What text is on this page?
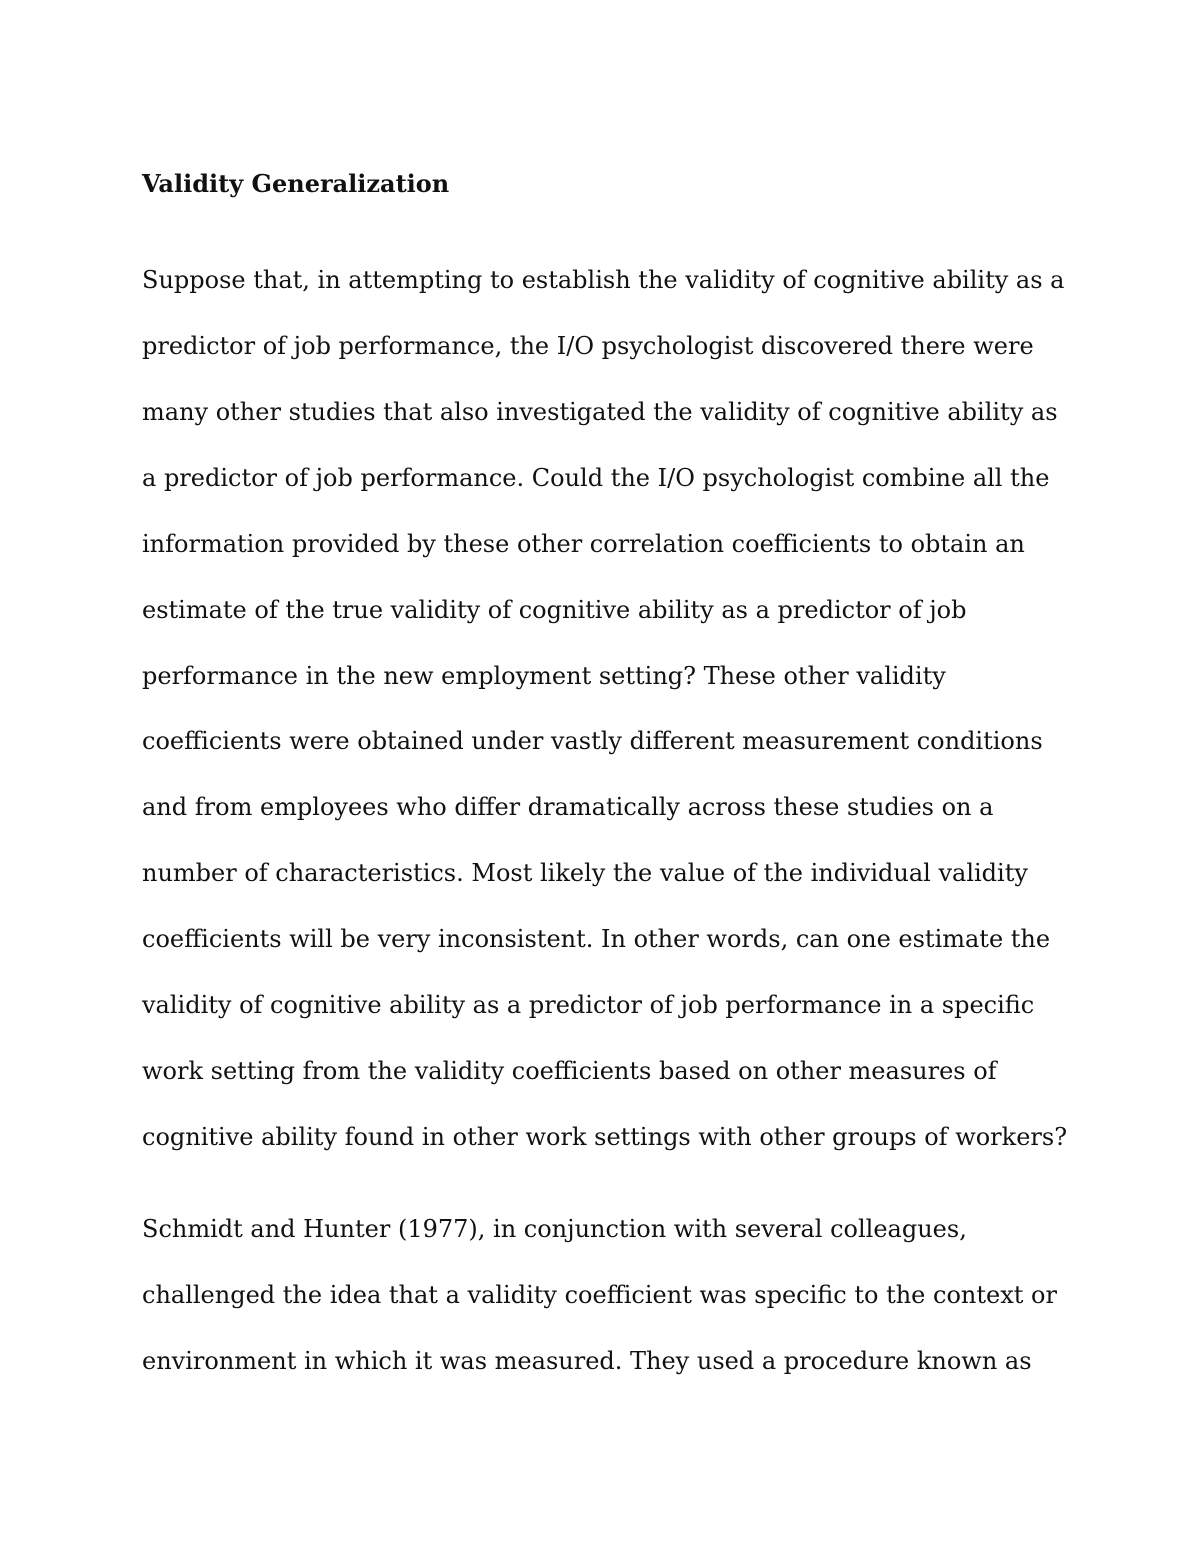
Validity Generalization
Suppose that, in attempting to establish the validity of cognitive ability as a
predictor of job performance, the I/O psychologist discovered there were
many other studies that also investigated the validity of cognitive ability as
a predictor of job performance. Could the I/O psychologist combine all the
information provided by these other correlation coefficients to obtain an
estimate of the true validity of cognitive ability as a predictor of job
performance in the new employment setting? These other validity
coefficients were obtained under vastly different measurement conditions
and from employees who differ dramatically across these studies on a
number of characteristics. Most likely the value of the individual validity
coefficients will be very inconsistent. In other words, can one estimate the
validity of cognitive ability as a predictor of job performance in a specific
work setting from the validity coefficients based on other measures of
cognitive ability found in other work settings with other groups of workers?
Schmidt and Hunter (1977), in conjunction with several colleagues,
challenged the idea that a validity coefficient was specific to the context or
environment in which it was measured. They used a procedure known as
